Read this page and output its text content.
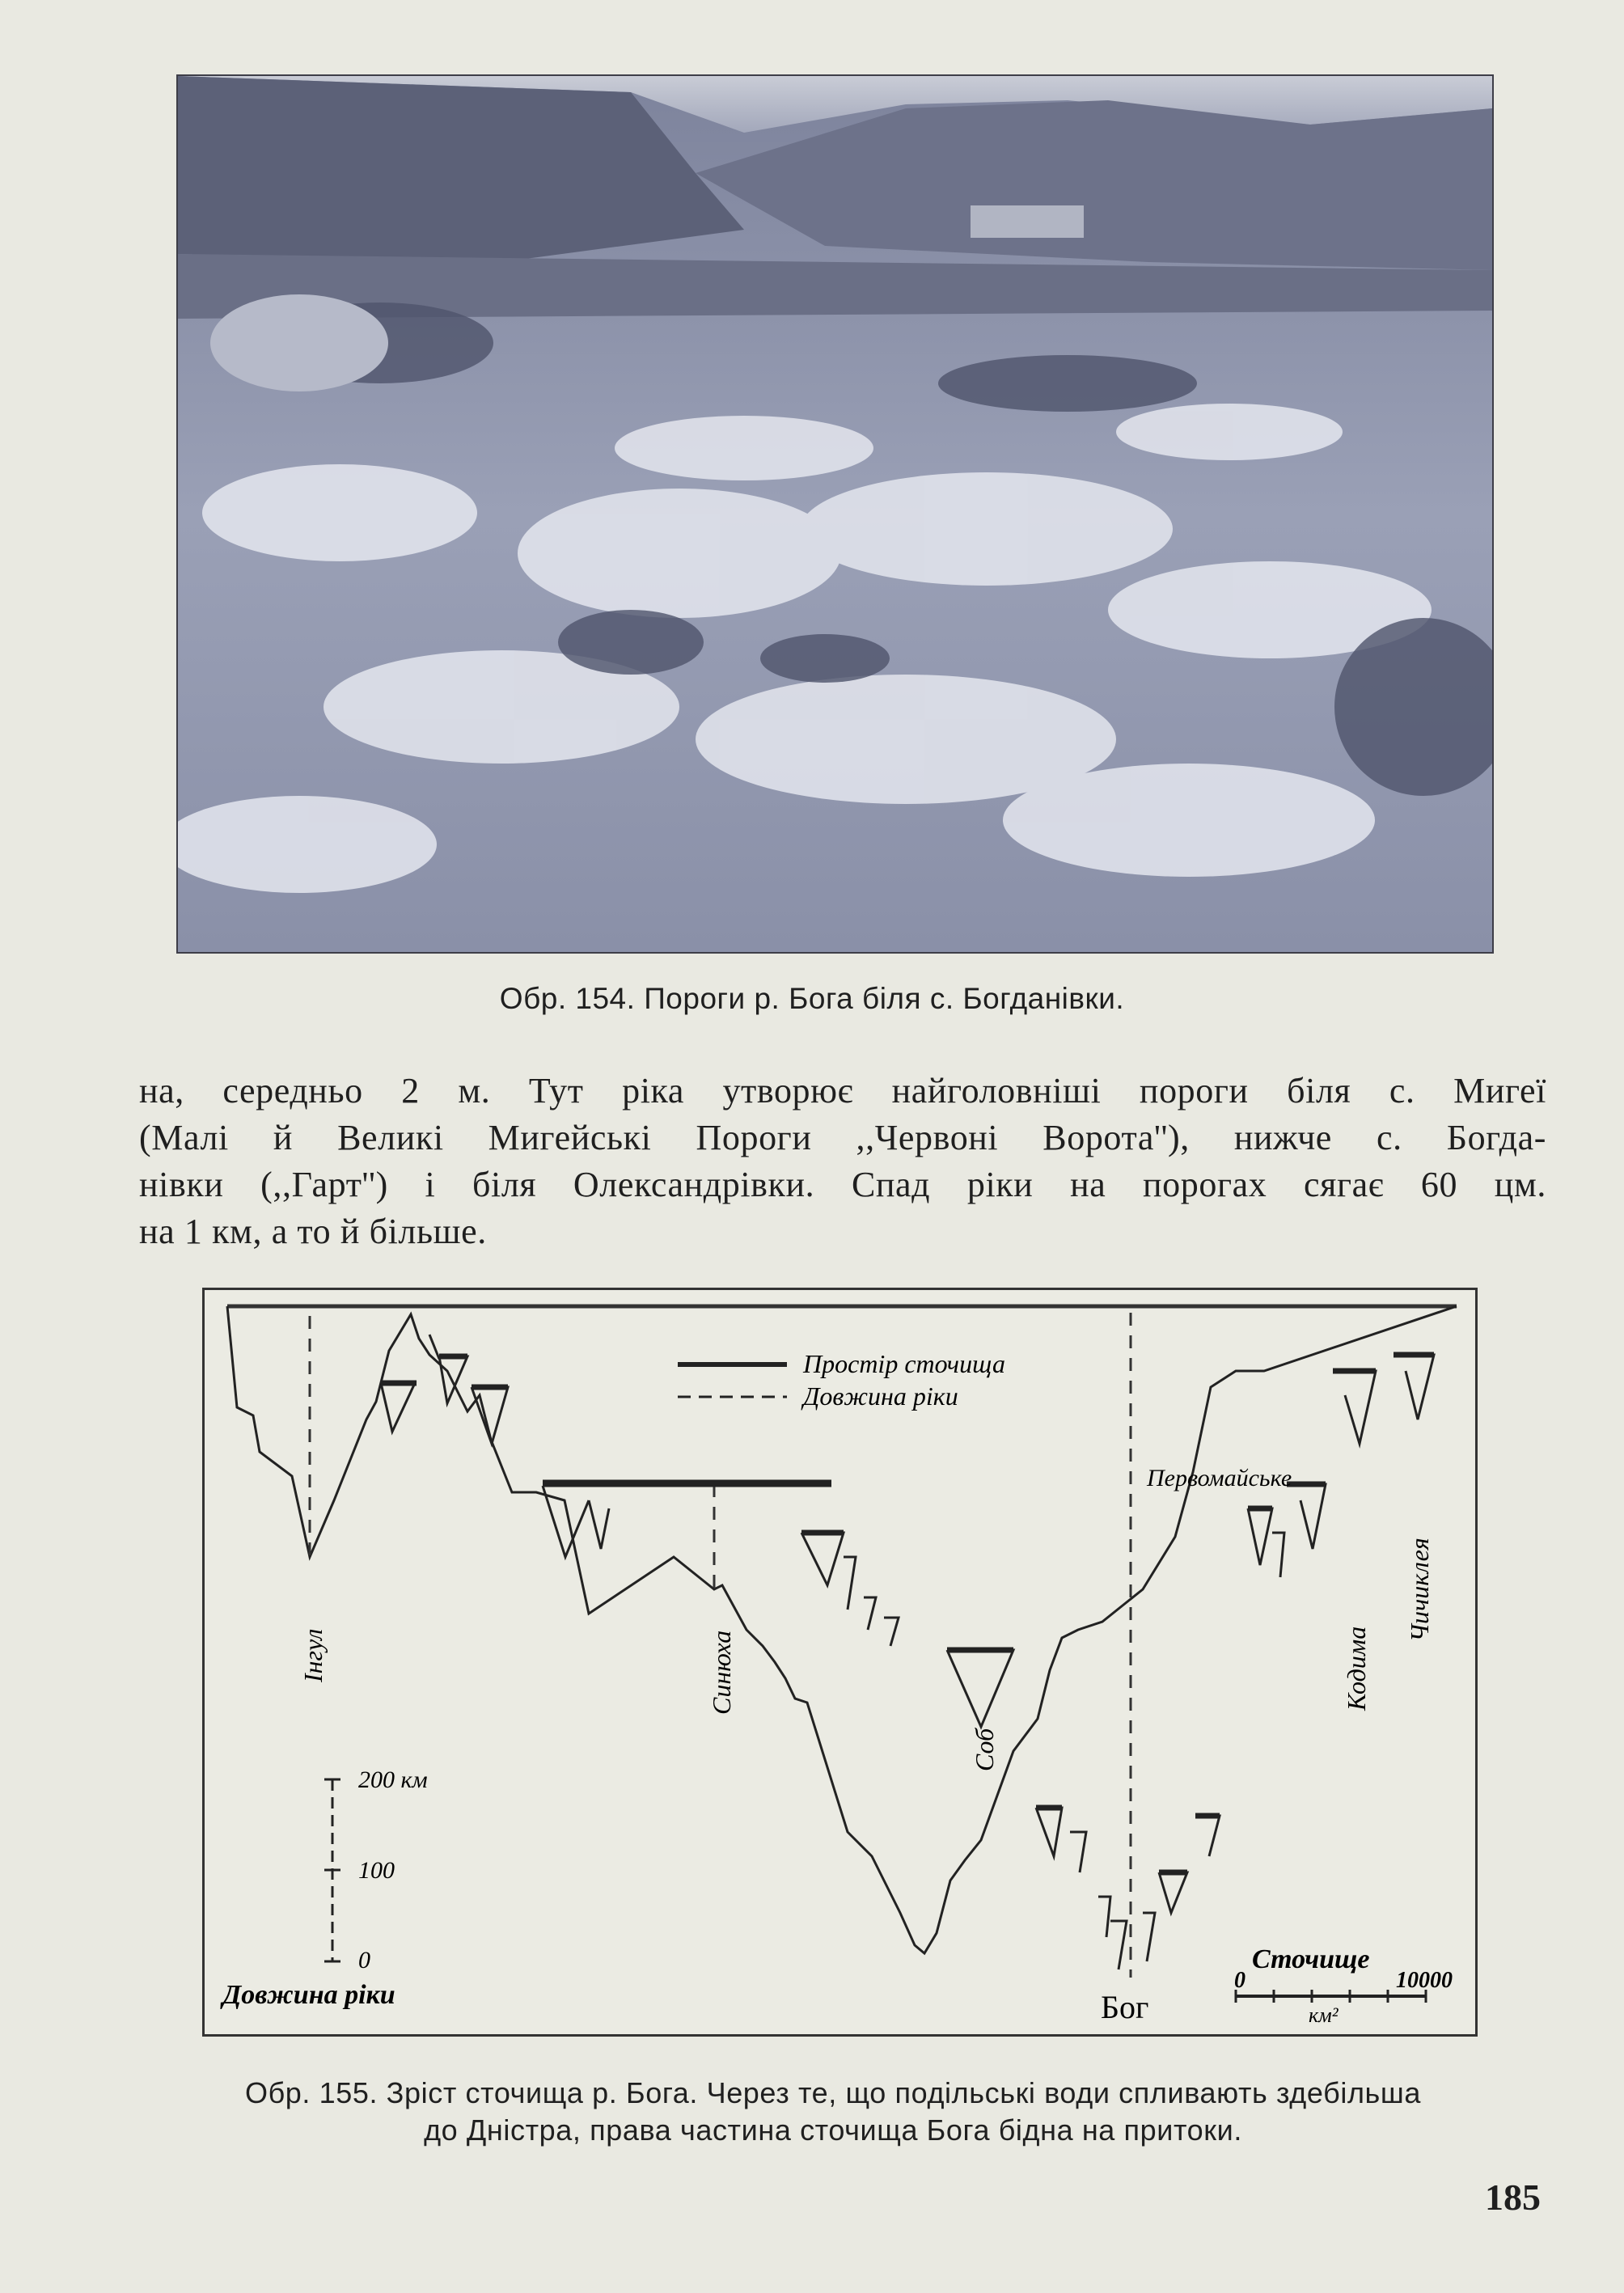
Обр. 154. Пороги р. Бога біля с. Богданівки.
на, середньо 2 м. Тут ріка утворює найголовніші пороги біля с. Мигеї
(Малі й Великі Мигейські Пороги ,,Червоні Ворота''), нижче с. Богда-
нівки (,,Гарт'') і біля Олександрівки. Спад ріки на порогах сягає 60 цм.
на 1 км, а то й більше.
Простір сточища
Довжина ріки
Інгул	Синюха
Соб
Кодима
Чичиклея
Первомайське
Бог
200 км
100
0
Довжина ріки
Сточище
0	10000
км²
Обр. 155. Зріст сточища р. Бога. Через те, що подільські води спливають здебільша
до Дністра, права частина сточища Бога бідна на притоки.
185
